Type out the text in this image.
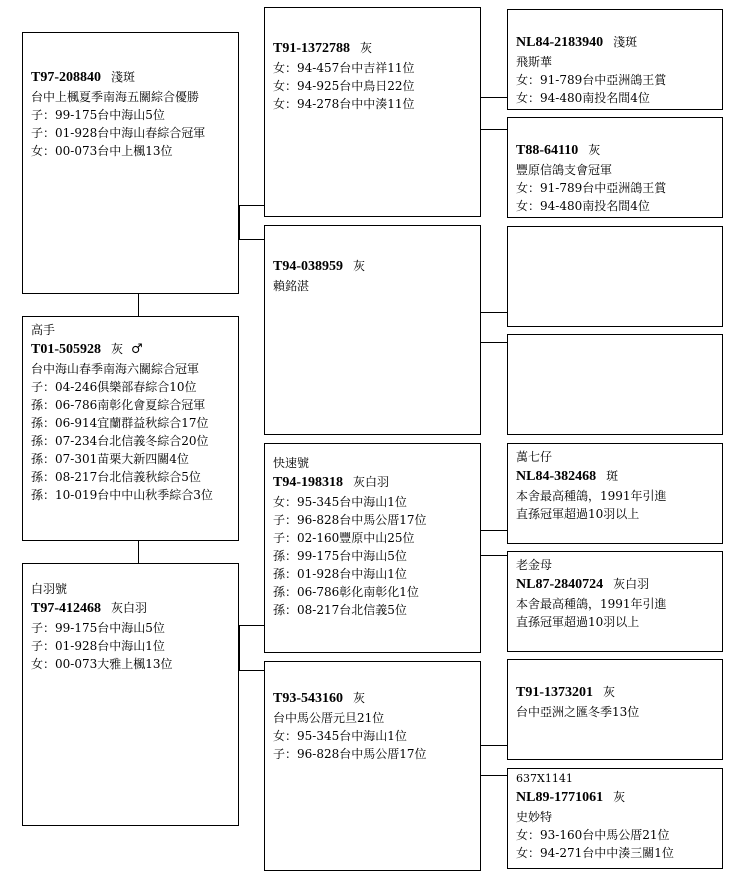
T97-208840 淺斑
台中上楓夏季南海五關綜合優勝
子：99-175台中海山5位
子：01-928台中海山春綜合冠軍
女：00-073台中上楓13位
高手
T01-505928 灰 ♂
台中海山春季南海六關綜合冠軍
子：04-246俱樂部春綜合10位
孫：06-786南彰化會夏綜合冠軍
孫：06-914宜蘭群益秋綜合17位
孫：07-234台北信義冬綜合20位
孫：07-301苗栗大新四關4位
孫：08-217台北信義秋綜合5位
孫：10-019台中中山秋季綜合3位
白羽號
T97-412468 灰白羽
子：99-175台中海山5位
子：01-928台中海山1位
女：00-073大雅上楓13位
T91-1372788 灰
女：94-457台中吉祥11位
女：94-925台中鳥日22位
女：94-278台中中湊11位
T94-038959 灰
賴銘湛
快速號
T94-198318 灰白羽
女：95-345台中海山1位
子：96-828台中馬公厝17位
子：02-160豐原中山25位
孫：99-175台中海山5位
孫：01-928台中海山1位
孫：06-786彰化南彰化1位
孫：08-217台北信義5位
T93-543160 灰
台中馬公厝元旦21位
女：95-345台中海山1位
子：96-828台中馬公厝17位
NL84-2183940 淺斑
飛斯華
女：91-789台中亞洲鴿王賞
女：94-480南投名間4位
T88-64110 灰
豐原信鴿支會冠軍
女：91-789台中亞洲鴿王賞
女：94-480南投名間4位
萬七仔
NL84-382468 斑
本舍最高種鴿，1991年引進
直孫冠軍超過10羽以上
老金母
NL87-2840724 灰白羽
本舍最高種鴿，1991年引進
直孫冠軍超過10羽以上
T91-1373201 灰
台中亞洲之匯冬季13位
637X1141
NL89-1771061 灰
史妙特
女：93-160台中馬公厝21位
女：94-271台中中湊三關1位
